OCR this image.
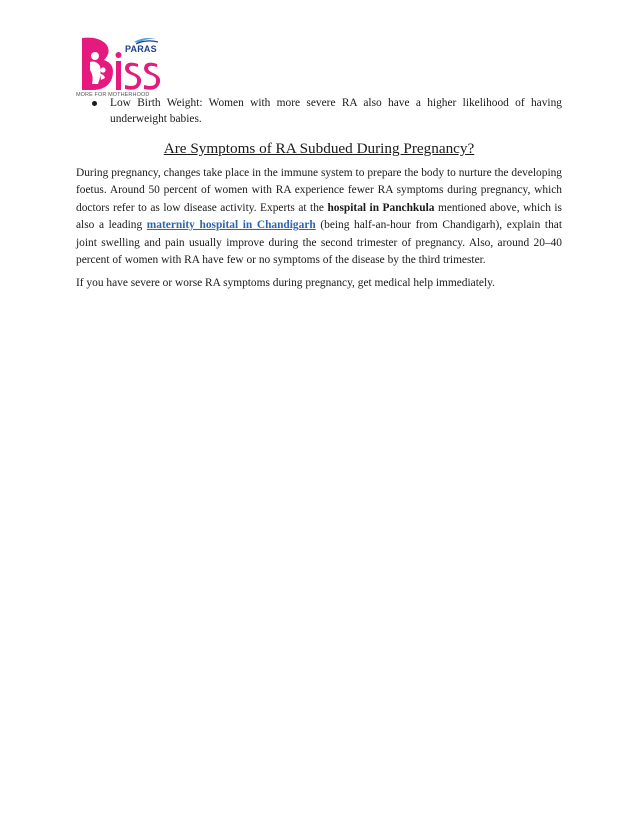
PARAS
MORE FOR MOTHERHOOD
Low Birth Weight: Women with more severe RA also have a higher likelihood of having underweight babies.
Are Symptoms of RA Subdued During Pregnancy?

During pregnancy, changes take place in the immune system to prepare the body to nurture the developing foetus. Around 50 percent of women with RA experience fewer RA symptoms during pregnancy, which doctors refer to as low disease activity. Experts at the hospital in Panchkula mentioned above, which is also a leading maternity hospital in Chandigarh (being half-an-hour from Chandigarh), explain that joint swelling and pain usually improve during the second trimester of pregnancy. Also, around 20–40 percent of women with RA have few or no symptoms of the disease by the third trimester.

If you have severe or worse RA symptoms during pregnancy, get medical help immediately.
